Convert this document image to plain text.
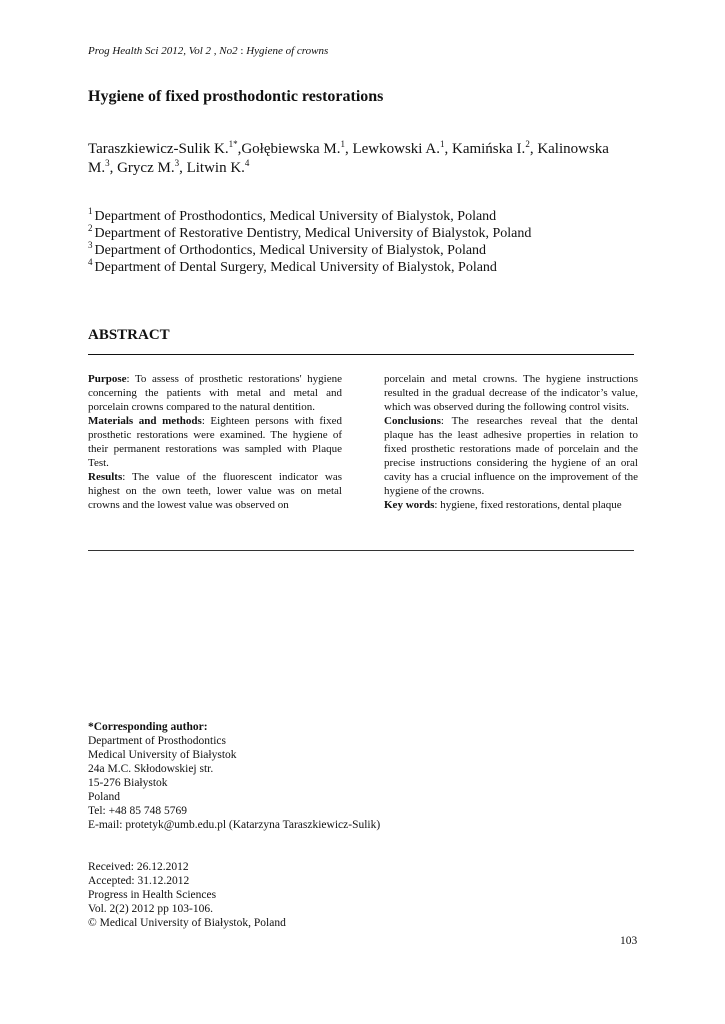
Prog Health Sci 2012, Vol 2 , No2 : Hygiene of crowns
Hygiene of fixed prosthodontic restorations
Taraszkiewicz-Sulik K.$^{1*}$,Gołębiewska M.$^1$, Lewkowski A.$^1$, Kamińska I.$^2$, Kalinowska M.$^3$, Grycz M.$^3$, Litwin K.$^4$
$^1$ Department of Prosthodontics, Medical University of Bialystok, Poland
$^2$ Department of Restorative Dentistry, Medical University of Bialystok, Poland
$^3$ Department of Orthodontics, Medical University of Bialystok, Poland
$^4$ Department of Dental Surgery, Medical University of Bialystok, Poland
ABSTRACT

Purpose: To assess of prosthetic restorations' hygiene concerning the patients with metal and metal and porcelain crowns compared to the natural dentition.

Materials and methods: Eighteen persons with fixed prosthetic restorations were examined. The hygiene of their permanent restorations was sampled with Plaque Test.

Results: The value of the fluorescent indicator was highest on the own teeth, lower value was on metal crowns and the lowest value was observed on

porcelain and metal crowns. The hygiene instructions resulted in the gradual decrease of the indicator’s value, which was observed during the following control visits.

Conclusions: The researches reveal that the dental plaque has the least adhesive properties in relation to fixed prosthetic restorations made of porcelain and the precise instructions considering the hygiene of an oral cavity has a crucial influence on the improvement of the hygiene of the crowns.

Key words: hygiene, fixed restorations, dental plaque

*Corresponding author:
Department of Prosthodontics
Medical University of Białystok
24a M.C. Skłodowskiej str.
15-276 Białystok
Poland
Tel: +48 85 748 5769
E-mail: protetyk@umb.edu.pl (Katarzyna Taraszkiewicz-Sulik)
Received: 26.12.2012
Accepted: 31.12.2012
Progress in Health Sciences
Vol. 2(2) 2012 pp 103-106.
© Medical University of Białystok, Poland
103
